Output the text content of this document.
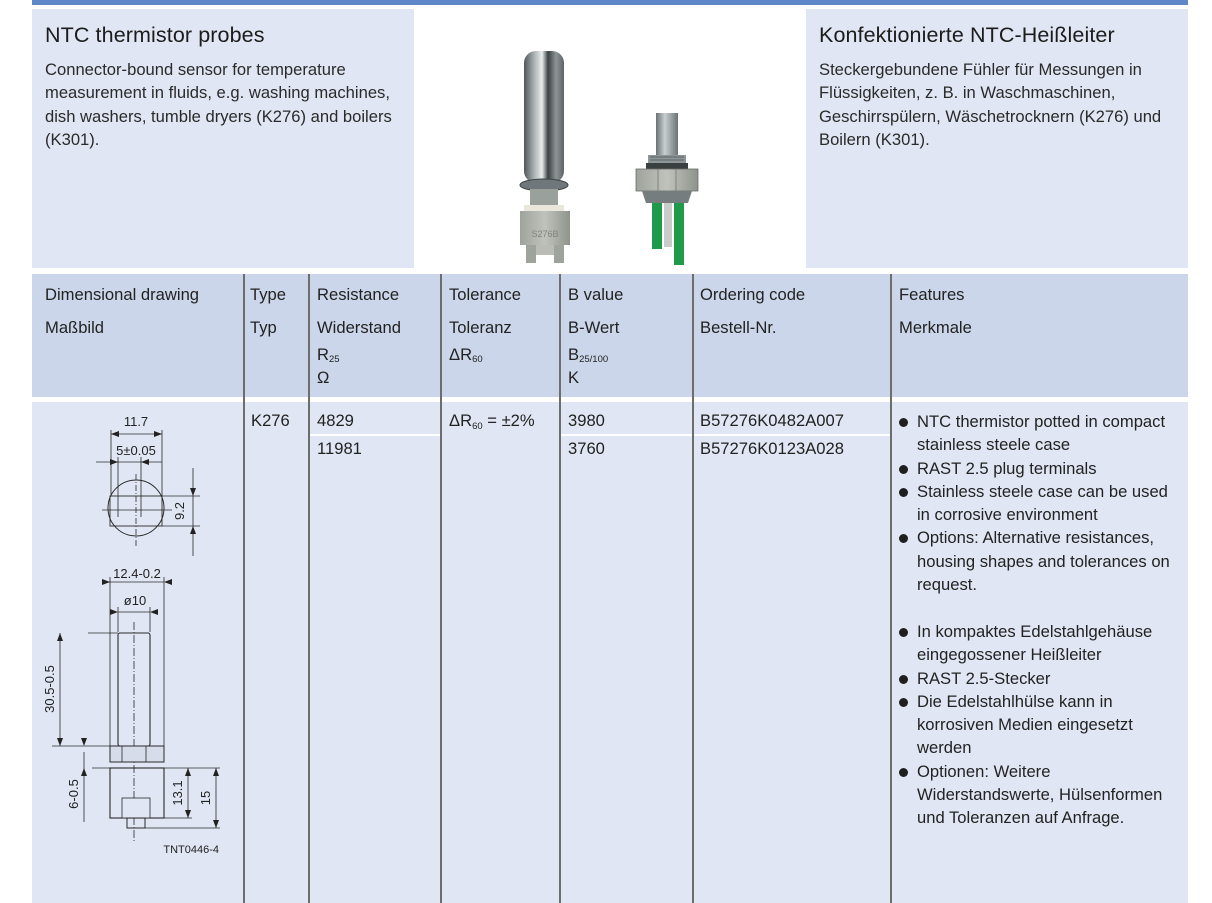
NTC thermistor probes

Connector-bound sensor for temperature measurement in fluids, e.g. washing machines, dish washers, tumble dryers (K276) and boilers (K301).

S276B
Konfektionierte NTC-Heißleiter

Steckergebundene Fühler für Messungen in Flüssigkeiten, z. B. in Waschmaschinen, Geschirrspülern, Wäschetrocknern (K276) und Boilern (K301).

Dimensional drawing
Maßbild
Type
Typ
Resistance
Widerstand
$R_{25}$
Ω
Tolerance
Toleranz
$\Delta R_{60}$
B value
B-Wert
$B_{25/100}$
K
Ordering code
Bestell-Nr.
Features
Merkmale
K276 4829
11981
$\Delta R_{60} = \pm 2\%$ 3980
3760
B57276K0482A007
B57276K0123A028
NTC thermistor potted in compact stainless steele case
RAST 2.5 plug terminals
Stainless steele case can be used in corrosive environment
Options: Alternative resistances, housing shapes and tolerances on request.
In kompaktes Edelstahlgehäuse eingegossener Heißleiter
RAST 2.5-Stecker
Die Edelstahlhülse kann in korrosiven Medien eingesetzt werden
Optionen: Weitere Widerstandswerte, Hülsenformen und Toleranzen auf Anfrage.
11.7
5±0.05
9.2
12.4-0.2
ø10
30.5-0.5
6-0.5	13.1 15
TNT0446-4
